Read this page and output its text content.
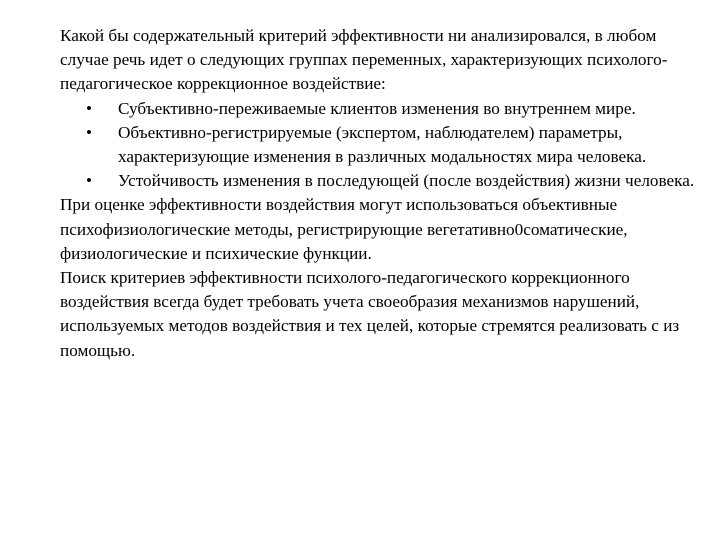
Какой бы содержательный критерий эффективности ни анализировался, в любом случае речь идет о следующих группах переменных, характеризующих психолого-педагогическое коррекционное воздействие:

• Субъективно-переживаемые клиентов изменения во внутреннем мире.
• Объективно-регистрируемые (экспертом, наблюдателем) параметры, характеризующие изменения в различных модальностях мира человека.
• Устойчивость изменения в последующей (после воздействия) жизни человека.

При оценке эффективности воздействия могут использоваться объективные психофизиологические методы, регистрирующие вегетативно0соматические, физиологические и психические функции.

Поиск критериев эффективности психолого-педагогического коррекционного воздействия всегда будет требовать учета своеобразия механизмов нарушений, используемых методов воздействия и тех целей, которые стремятся реализовать с из помощью.
